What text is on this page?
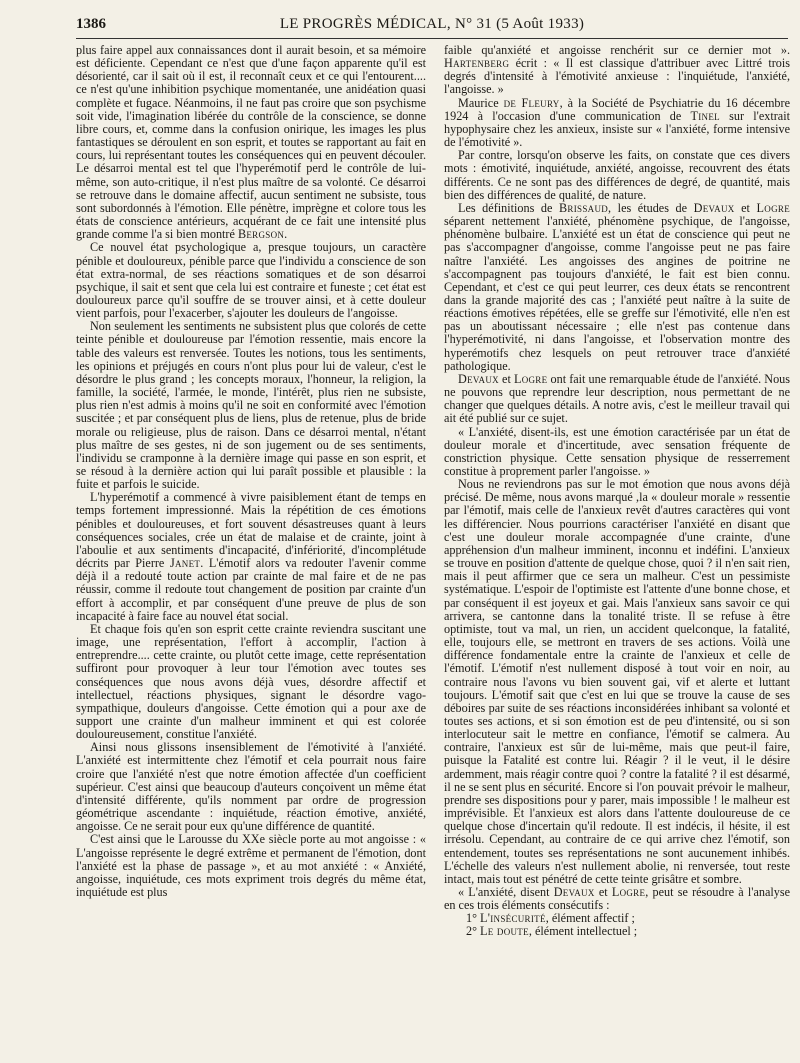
1386	LE PROGRÈS MÉDICAL, N° 31 (5 Août 1933)

plus faire appel aux connaissances dont il aurait besoin, et sa mémoire est déficiente. Cependant ce n'est que d'une façon apparente qu'il est désorienté, car il sait où il est, il reconnaît ceux et ce qui l'entourent.... ce n'est qu'une inhibition psychique momentanée, une anidéation quasi complète et fugace. Néanmoins, il ne faut pas croire que son psychisme soit vide, l'imagination libérée du contrôle de la conscience, se donne libre cours, et, comme dans la confusion onirique, les images les plus fantastiques se déroulent en son esprit, et toutes se rapportant au fait en cours, lui représentant toutes les conséquences qui en peuvent découler. Le désarroi mental est tel que l'hyperémotif perd le contrôle de lui-même, son auto-critique, il n'est plus maître de sa volonté. Ce désarroi se retrouve dans le domaine affectif, aucun sentiment ne subsiste, tous sont subordonnés à l'émotion. Elle pénètre, imprègne et colore tous les états de conscience antérieurs, acquérant de ce fait une intensité plus grande comme l'a si bien montré Bergson.

Ce nouvel état psychologique a, presque toujours, un caractère pénible et douloureux, pénible parce que l'individu a conscience de son état extra-normal, de ses réactions somatiques et de son désarroi psychique, il sait et sent que cela lui est contraire et funeste ; cet état est douloureux parce qu'il souffre de se trouver ainsi, et à cette douleur vient parfois, pour l'exacerber, s'ajouter les douleurs de l'angoisse.

Non seulement les sentiments ne subsistent plus que colorés de cette teinte pénible et douloureuse par l'émotion ressentie, mais encore la table des valeurs est renversée. Toutes les notions, tous les sentiments, les opinions et préjugés en cours n'ont plus pour lui de valeur, c'est le désordre le plus grand ; les concepts moraux, l'honneur, la religion, la famille, la société, l'armée, le monde, l'intérêt, plus rien ne subsiste, plus rien n'est admis à moins qu'il ne soit en conformité avec l'émotion suscitée ; et par conséquent plus de liens, plus de retenue, plus de bride morale ou religieuse, plus de raison. Dans ce désarroi mental, n'étant plus maître de ses gestes, ni de son jugement ou de ses sentiments, l'individu se cramponne à la dernière image qui passe en son esprit, et se résoud à la dernière action qui lui paraît possible et plausible : la fuite et parfois le suicide.

L'hyperémotif a commencé à vivre paisiblement étant de temps en temps fortement impressionné. Mais la répétition de ces émotions pénibles et douloureuses, et fort souvent désastreuses quant à leurs conséquences sociales, crée un état de malaise et de crainte, joint à l'aboulie et aux sentiments d'incapacité, d'infériorité, d'incomplétude décrits par Pierre Janet. L'émotif alors va redouter l'avenir comme déjà il a redouté toute action par crainte de mal faire et de ne pas réussir, comme il redoute tout changement de position par crainte d'un effort à accomplir, et par conséquent d'une preuve de plus de son incapacité à faire face au nouvel état social.

Et chaque fois qu'en son esprit cette crainte reviendra suscitant une image, une représentation, l'effort à accomplir, l'action à entreprendre.... cette crainte, ou plutôt cette image, cette représentation suffiront pour provoquer à leur tour l'émotion avec toutes ses conséquences que nous avons déjà vues, désordre affectif et intellectuel, réactions physiques, signant le désordre vago-sympathique, douleurs d'angoisse. Cette émotion qui a pour axe de support une crainte d'un malheur imminent et qui est colorée douloureusement, constitue l'anxiété.

Ainsi nous glissons insensiblement de l'émotivité à l'anxiété. L'anxiété est intermittente chez l'émotif et cela pourrait nous faire croire que l'anxiété n'est que notre émotion affectée d'un coefficient supérieur. C'est ainsi que beaucoup d'auteurs conçoivent un même état d'intensité différente, qu'ils nomment par ordre de progression géométrique ascendante : inquiétude, réaction émotive, anxiété, angoisse. Ce ne serait pour eux qu'une différence de quantité.

C'est ainsi que le Larousse du XXe siècle porte au mot angoisse : « L'angoisse représente le degré extrême et permanent de l'émotion, dont l'anxiété est la phase de passage », et au mot anxiété : « Anxiété, angoisse, inquiétude, ces mots expriment trois degrés du même état, inquiétude est plus

faible qu'anxiété et angoisse renchérit sur ce dernier mot ». Hartenberg écrit : « Il est classique d'attribuer avec Littré trois degrés d'intensité à l'émotivité anxieuse : l'inquiétude, l'anxiété, l'angoisse. »

Maurice de Fleury, à la Société de Psychiatrie du 16 décembre 1924 à l'occasion d'une communication de Tinel sur l'extrait hypophysaire chez les anxieux, insiste sur « l'anxiété, forme intensive de l'émotivité ».

Par contre, lorsqu'on observe les faits, on constate que ces divers mots : émotivité, inquiétude, anxiété, angoisse, recouvrent des états différents. Ce ne sont pas des différences de degré, de quantité, mais bien des différences de qualité, de nature.

Les définitions de Brissaud, les études de Devaux et Logre séparent nettement l'anxiété, phénomène psychique, de l'angoisse, phénomène bulbaire. L'anxiété est un état de conscience qui peut ne pas s'accompagner d'angoisse, comme l'angoisse peut ne pas faire naître l'anxiété. Les angoisses des angines de poitrine ne s'accompagnent pas toujours d'anxiété, le fait est bien connu. Cependant, et c'est ce qui peut leurrer, ces deux états se rencontrent dans la grande majorité des cas ; l'anxiété peut naître à la suite de réactions émotives répétées, elle se greffe sur l'émotivité, elle n'en est pas un aboutissant nécessaire ; elle n'est pas contenue dans l'hyperémotivité, ni dans l'angoisse, et l'observation montre des hyperémotifs chez lesquels on peut retrouver trace d'anxiété pathologique.

Devaux et Logre ont fait une remarquable étude de l'anxiété. Nous ne pouvons que reprendre leur description, nous permettant de ne changer que quelques détails. A notre avis, c'est le meilleur travail qui ait été publié sur ce sujet.

« L'anxiété, disent-ils, est une émotion caractérisée par un état de douleur morale et d'incertitude, avec sensation fréquente de constriction physique. Cette sensation physique de resserrement constitue à proprement parler l'angoisse. »

Nous ne reviendrons pas sur le mot émotion que nous avons déjà précisé. De même, nous avons marqué ,la « douleur morale » ressentie par l'émotif, mais celle de l'anxieux revêt d'autres caractères qui vont les différencier. Nous pourrions caractériser l'anxiété en disant que c'est une douleur morale accompagnée d'une crainte, d'une appréhension d'un malheur imminent, inconnu et indéfini. L'anxieux se trouve en position d'attente de quelque chose, quoi ? il n'en sait rien, mais il peut affirmer que ce sera un malheur. C'est un pessimiste systématique. L'espoir de l'optimiste est l'attente d'une bonne chose, et par conséquent il est joyeux et gai. Mais l'anxieux sans savoir ce qui arrivera, se cantonne dans la tonalité triste. Il se refuse à être optimiste, tout va mal, un rien, un accident quelconque, la fatalité, elle, toujours elle, se mettront en travers de ses actions. Voilà une différence fondamentale entre la crainte de l'anxieux et celle de l'émotif. L'émotif n'est nullement disposé à tout voir en noir, au contraire nous l'avons vu bien souvent gai, vif et alerte et luttant toujours. L'émotif sait que c'est en lui que se trouve la cause de ses déboires par suite de ses réactions inconsidérées inhibant sa volonté et toutes ses actions, et si son émotion est de peu d'intensité, ou si son interlocuteur sait le mettre en confiance, l'émotif se calmera. Au contraire, l'anxieux est sûr de lui-même, mais que peut-il faire, puisque la Fatalité est contre lui. Réagir ? il le veut, il le désire ardemment, mais réagir contre quoi ? contre la fatalité ? il est désarmé, il ne se sent plus en sécurité. Encore si l'on pouvait prévoir le malheur, prendre ses dispositions pour y parer, mais impossible ! le malheur est imprévisible. Et l'anxieux est alors dans l'attente douloureuse de ce quelque chose d'incertain qu'il redoute. Il est indécis, il hésite, il est irrésolu. Cependant, au contraire de ce qui arrive chez l'émotif, son entendement, toutes ses représentations ne sont aucunement inhibés. L'échelle des valeurs n'est nullement abolie, ni renversée, tout reste intact, mais tout est pénétré de cette teinte grisâtre et sombre.

« L'anxiété, disent Devaux et Logre, peut se résoudre à l'analyse en ces trois éléments consécutifs :

1° L'insécurité, élément affectif ;

2° Le doute, élément intellectuel ;
